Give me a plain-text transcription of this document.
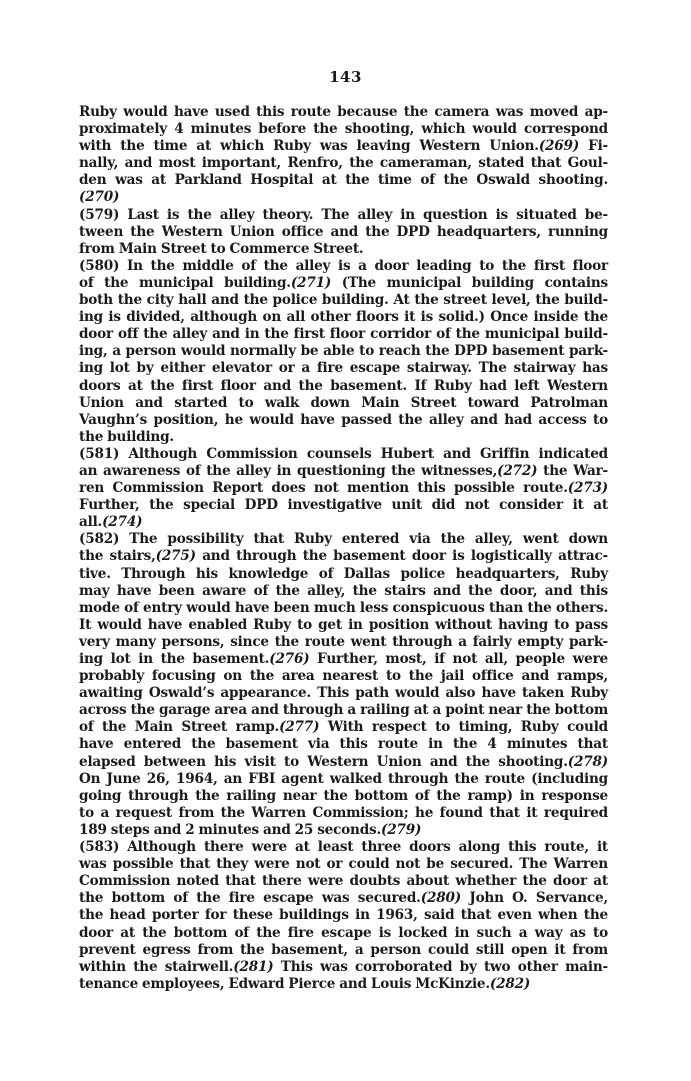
143
Ruby would have used this route because the camera was moved ap-
proximately 4 minutes before the shooting, which would correspond
with the time at which Ruby was leaving Western Union.(269) Fi-
nally, and most important, Renfro, the cameraman, stated that Goul-
den was at Parkland Hospital at the time of the Oswald shooting.
(270)
(579) Last is the alley theory. The alley in question is situated be-
tween the Western Union office and the DPD headquarters, running
from Main Street to Commerce Street.
(580) In the middle of the alley is a door leading to the first floor
of the municipal building.(271) (The municipal building contains
both the city hall and the police building. At the street level, the build-
ing is divided, although on all other floors it is solid.) Once inside the
door off the alley and in the first floor corridor of the municipal build-
ing, a person would normally be able to reach the DPD basement park-
ing lot by either elevator or a fire escape stairway. The stairway has
doors at the first floor and the basement. If Ruby had left Western
Union and started to walk down Main Street toward Patrolman
Vaughn’s position, he would have passed the alley and had access to
the building.
(581) Although Commission counsels Hubert and Griffin indicated
an awareness of the alley in questioning the witnesses,(272) the War-
ren Commission Report does not mention this possible route.(273)
Further, the special DPD investigative unit did not consider it at
all.(274)
(582) The possibility that Ruby entered via the alley, went down
the stairs,(275) and through the basement door is logistically attrac-
tive. Through his knowledge of Dallas police headquarters, Ruby
may have been aware of the alley, the stairs and the door, and this
mode of entry would have been much less conspicuous than the others.
It would have enabled Ruby to get in position without having to pass
very many persons, since the route went through a fairly empty park-
ing lot in the basement.(276) Further, most, if not all, people were
probably focusing on the area nearest to the jail office and ramps,
awaiting Oswald’s appearance. This path would also have taken Ruby
across the garage area and through a railing at a point near the bottom
of the Main Street ramp.(277) With respect to timing, Ruby could
have entered the basement via this route in the 4 minutes that
elapsed between his visit to Western Union and the shooting.(278)
On June 26, 1964, an FBI agent walked through the route (including
going through the railing near the bottom of the ramp) in response
to a request from the Warren Commission; he found that it required
189 steps and 2 minutes and 25 seconds.(279)
(583) Although there were at least three doors along this route, it
was possible that they were not or could not be secured. The Warren
Commission noted that there were doubts about whether the door at
the bottom of the fire escape was secured.(280) John O. Servance,
the head porter for these buildings in 1963, said that even when the
door at the bottom of the fire escape is locked in such a way as to
prevent egress from the basement, a person could still open it from
within the stairwell.(281) This was corroborated by two other main-
tenance employees, Edward Pierce and Louis McKinzie.(282)
